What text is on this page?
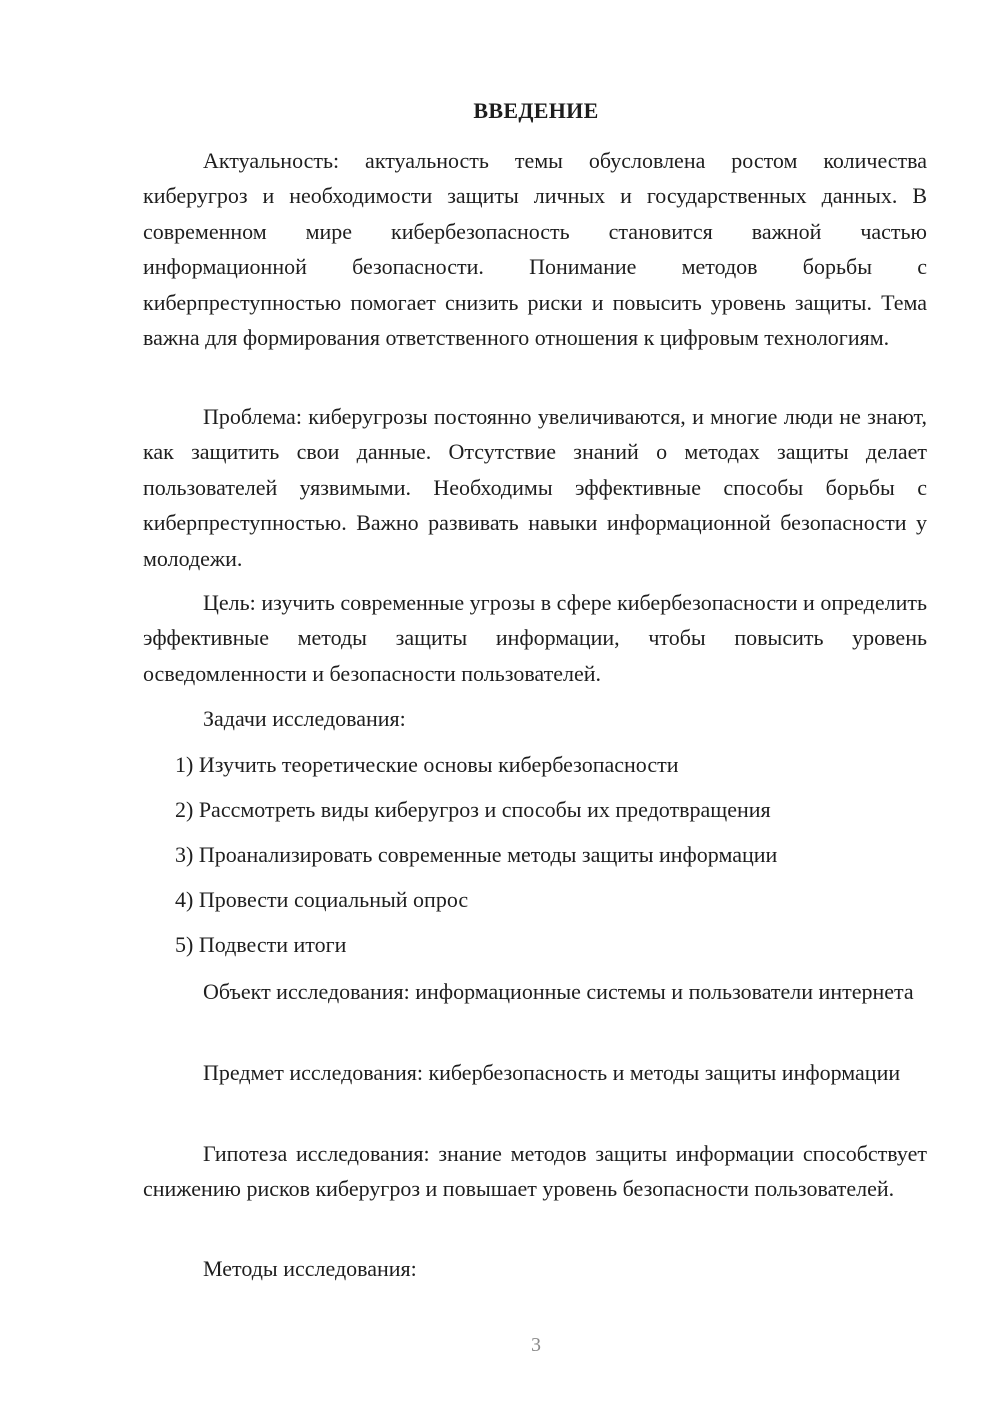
ВВЕДЕНИЕ

Актуальность: актуальность темы обусловлена ростом количества киберугроз и необходимости защиты личных и государственных данных. В современном мире кибербезопасность становится важной частью информационной безопасности. Понимание методов борьбы с киберпреступностью помогает снизить риски и повысить уровень защиты. Тема важна для формирования ответственного отношения к цифровым технологиям.

Проблема: киберугрозы постоянно увеличиваются, и многие люди не знают, как защитить свои данные. Отсутствие знаний о методах защиты делает пользователей уязвимыми. Необходимы эффективные способы борьбы с киберпреступностью. Важно развивать навыки информационной безопасности у молодежи.

Цель: изучить современные угрозы в сфере кибербезопасности и определить эффективные методы защиты информации, чтобы повысить уровень осведомленности и безопасности пользователей.

Задачи исследования:
1) Изучить теоретические основы кибербезопасности
2) Рассмотреть виды киберугроз и способы их предотвращения
3) Проанализировать современные методы защиты информации
4) Провести социальный опрос
5) Подвести итоги

Объект исследования: информационные системы и пользователи интернета

Предмет исследования: кибербезопасность и методы защиты информации

Гипотеза исследования: знание методов защиты информации способствует снижению рисков киберугроз и повышает уровень безопасности пользователей.

Методы исследования:
3
